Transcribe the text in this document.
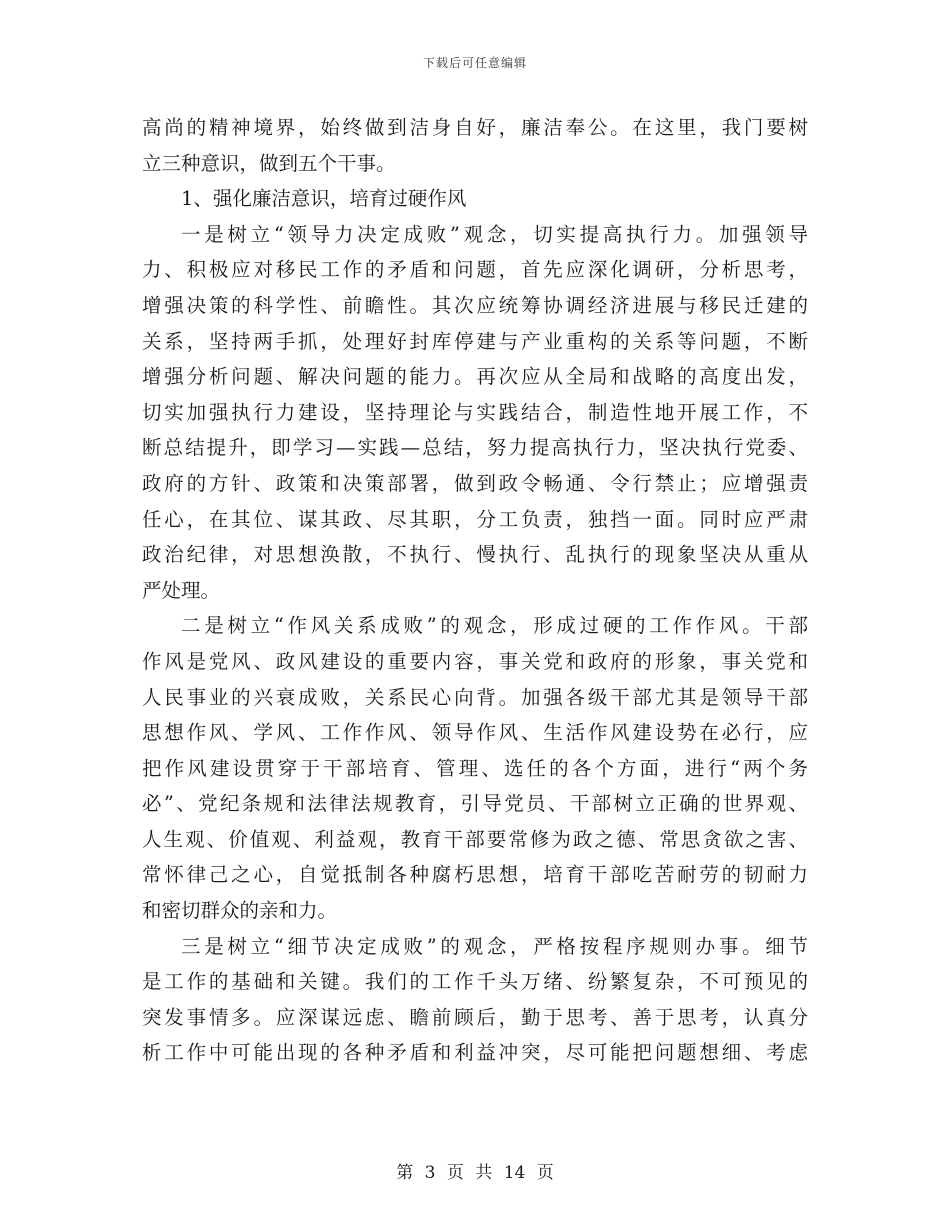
下载后可任意编辑
高尚的精神境界，始终做到洁身自好，廉洁奉公。在这里，我门要树
立三种意识，做到五个干事。
1、强化廉洁意识，培育过硬作风
一是树立“领导力决定成败”观念，切实提高执行力。加强领导
力、积极应对移民工作的矛盾和问题，首先应深化调研，分析思考，
增强决策的科学性、前瞻性。其次应统筹协调经济进展与移民迁建的
关系，坚持两手抓，处理好封库停建与产业重构的关系等问题，不断
增强分析问题、解决问题的能力。再次应从全局和战略的高度出发，
切实加强执行力建设，坚持理论与实践结合，制造性地开展工作，不
断总结提升，即学习—实践—总结，努力提高执行力，坚决执行党委、
政府的方针、政策和决策部署，做到政令畅通、令行禁止；应增强责
任心，在其位、谋其政、尽其职，分工负责，独挡一面。同时应严肃
政治纪律，对思想涣散，不执行、慢执行、乱执行的现象坚决从重从
严处理。
二是树立“作风关系成败”的观念，形成过硬的工作作风。干部
作风是党风、政风建设的重要内容，事关党和政府的形象，事关党和
人民事业的兴衰成败，关系民心向背。加强各级干部尤其是领导干部
思想作风、学风、工作作风、领导作风、生活作风建设势在必行，应
把作风建设贯穿于干部培育、管理、选任的各个方面，进行“两个务
必”、党纪条规和法律法规教育，引导党员、干部树立正确的世界观、
人生观、价值观、利益观，教育干部要常修为政之德、常思贪欲之害、
常怀律己之心，自觉抵制各种腐朽思想，培育干部吃苦耐劳的韧耐力
和密切群众的亲和力。
三是树立“细节决定成败”的观念，严格按程序规则办事。细节
是工作的基础和关键。我们的工作千头万绪、纷繁复杂，不可预见的
突发事情多。应深谋远虑、瞻前顾后，勤于思考、善于思考，认真分
析工作中可能出现的各种矛盾和利益冲突，尽可能把问题想细、考虑
第 3 页 共 14 页
